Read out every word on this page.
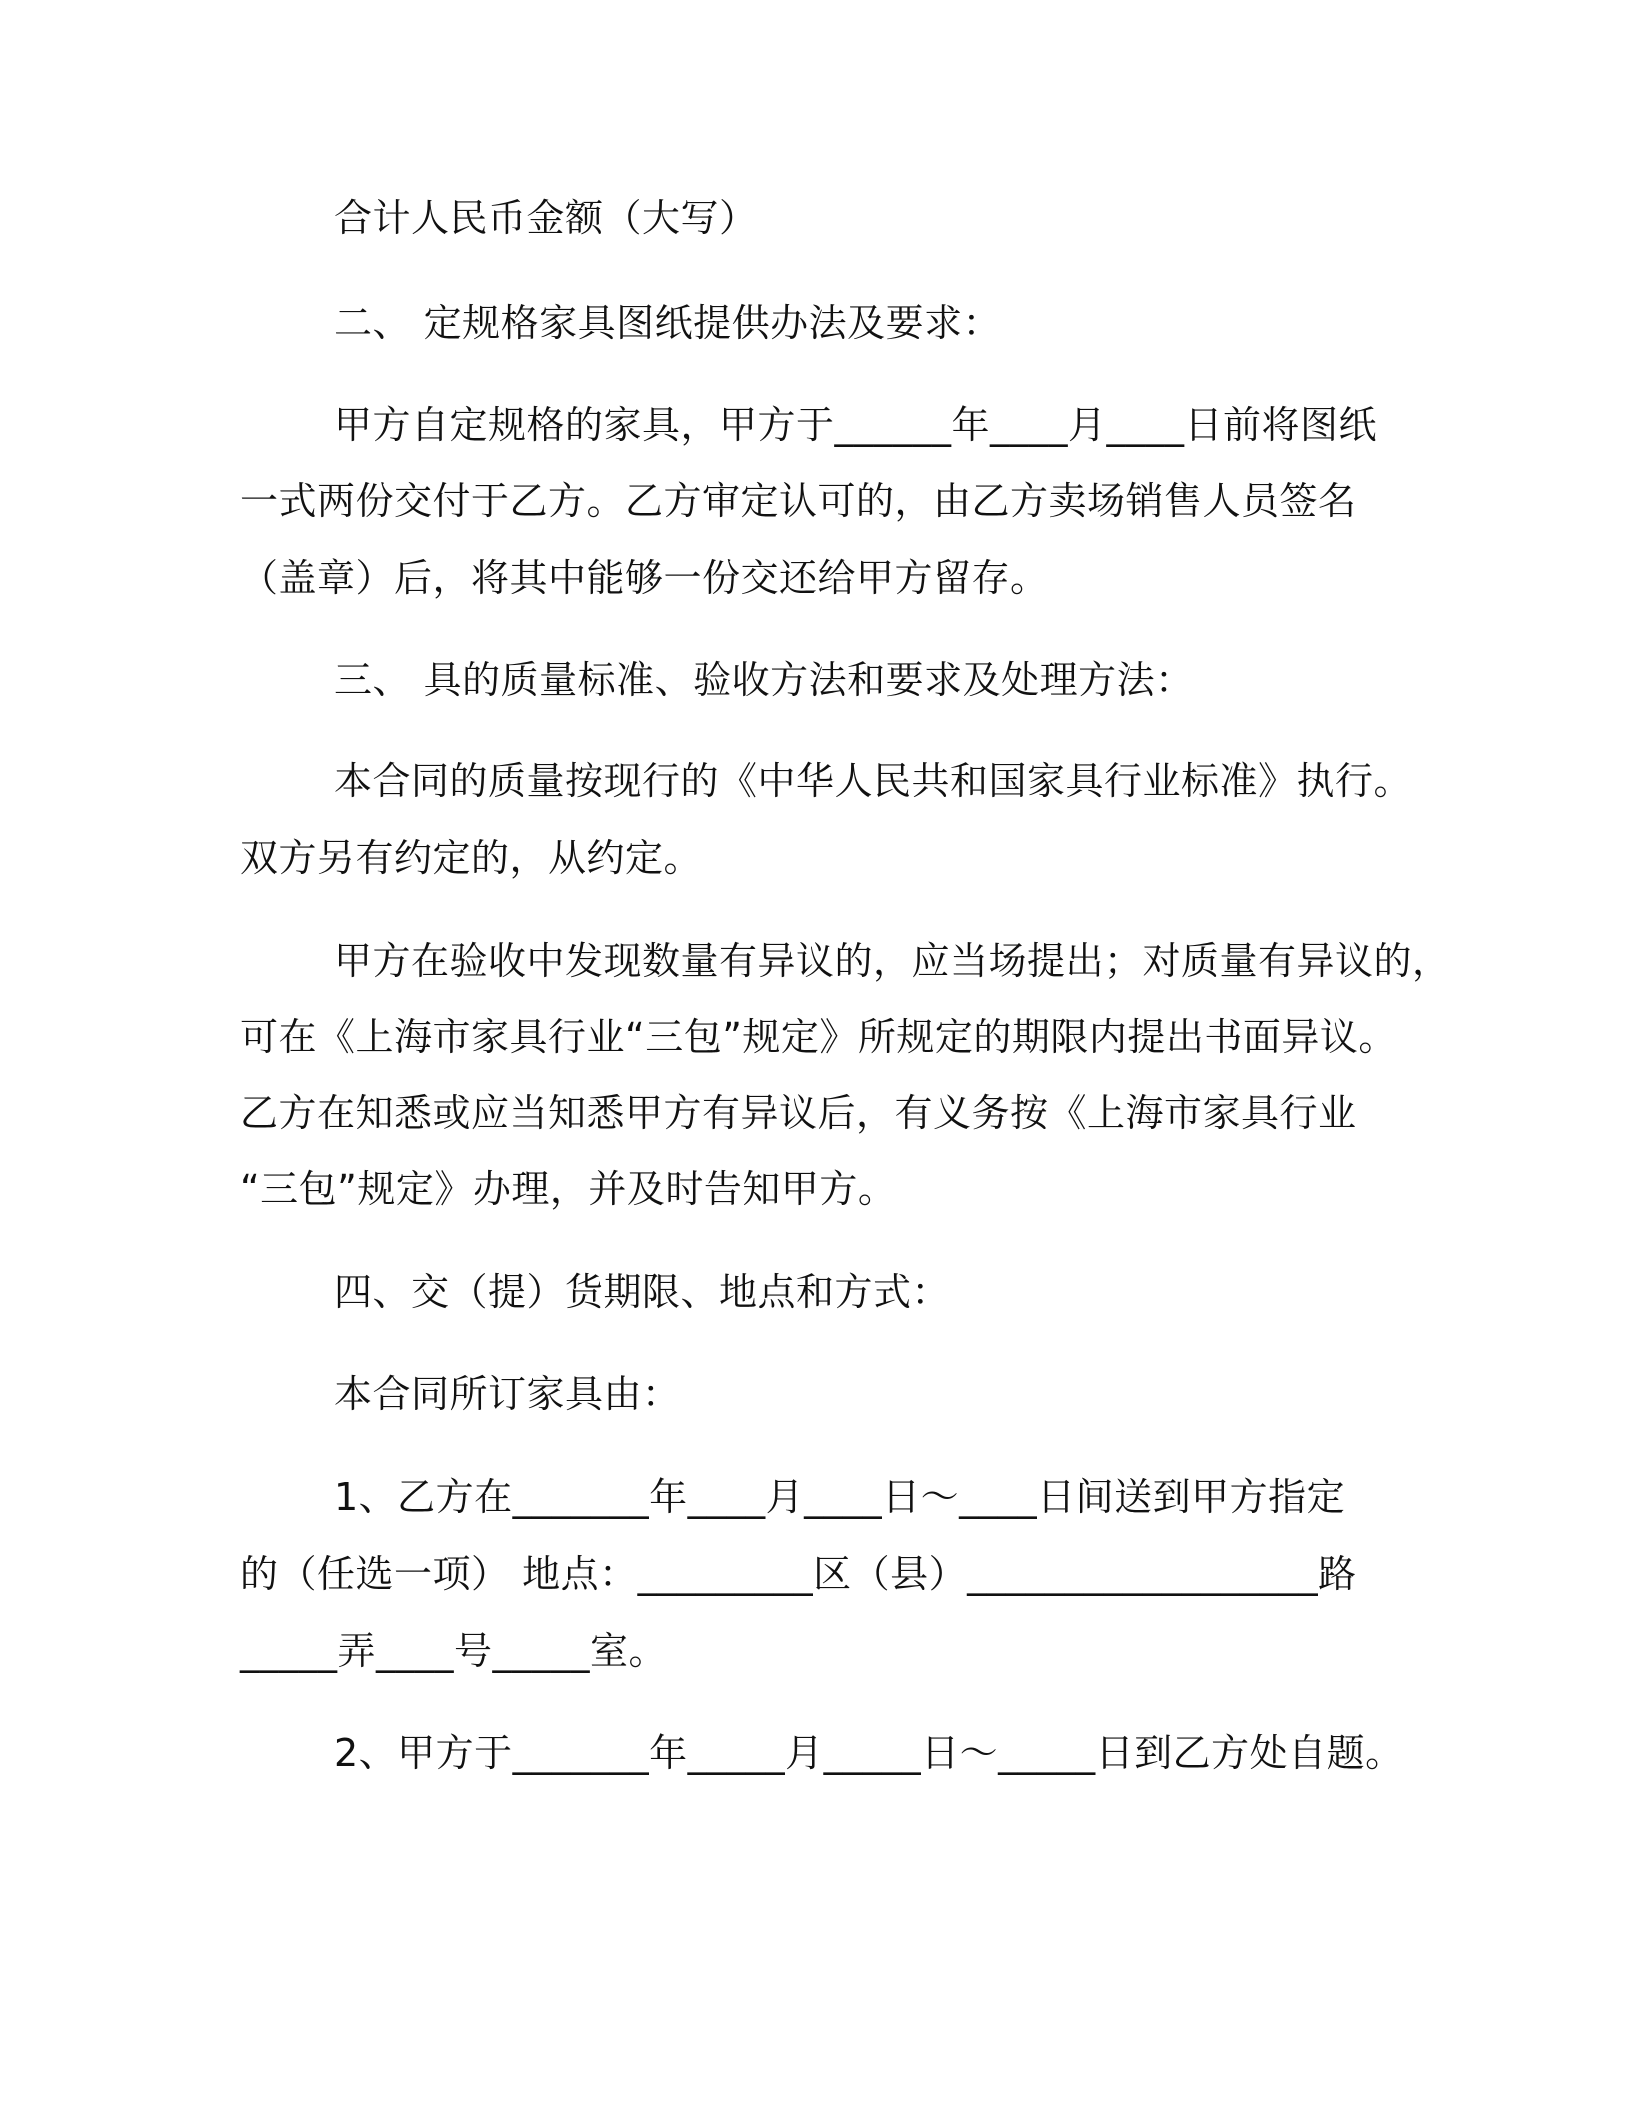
合计人民币金额（大写）
二、 定规格家具图纸提供办法及要求：
甲方自定规格的家具，甲方于______年____月____日前将图纸
一式两份交付于乙方。乙方审定认可的，由乙方卖场销售人员签名
（盖章）后，将其中能够一份交还给甲方留存。
三、 具的质量标准、验收方法和要求及处理方法：
本合同的质量按现行的《中华人民共和国家具行业标准》执行。
双方另有约定的，从约定。
甲方在验收中发现数量有异议的，应当场提出；对质量有异议的，
可在《上海市家具行业“三包”规定》所规定的期限内提出书面异议。
乙方在知悉或应当知悉甲方有异议后，有义务按《上海市家具行业
“三包”规定》办理，并及时告知甲方。
四、交（提）货期限、地点和方式：
本合同所订家具由：
1、乙方在_______年____月____日～____日间送到甲方指定
的（任选一项） 地点：_________区（县）__________________路
_____弄____号_____室。
2、甲方于_______年_____月_____日～_____日到乙方处自题。
